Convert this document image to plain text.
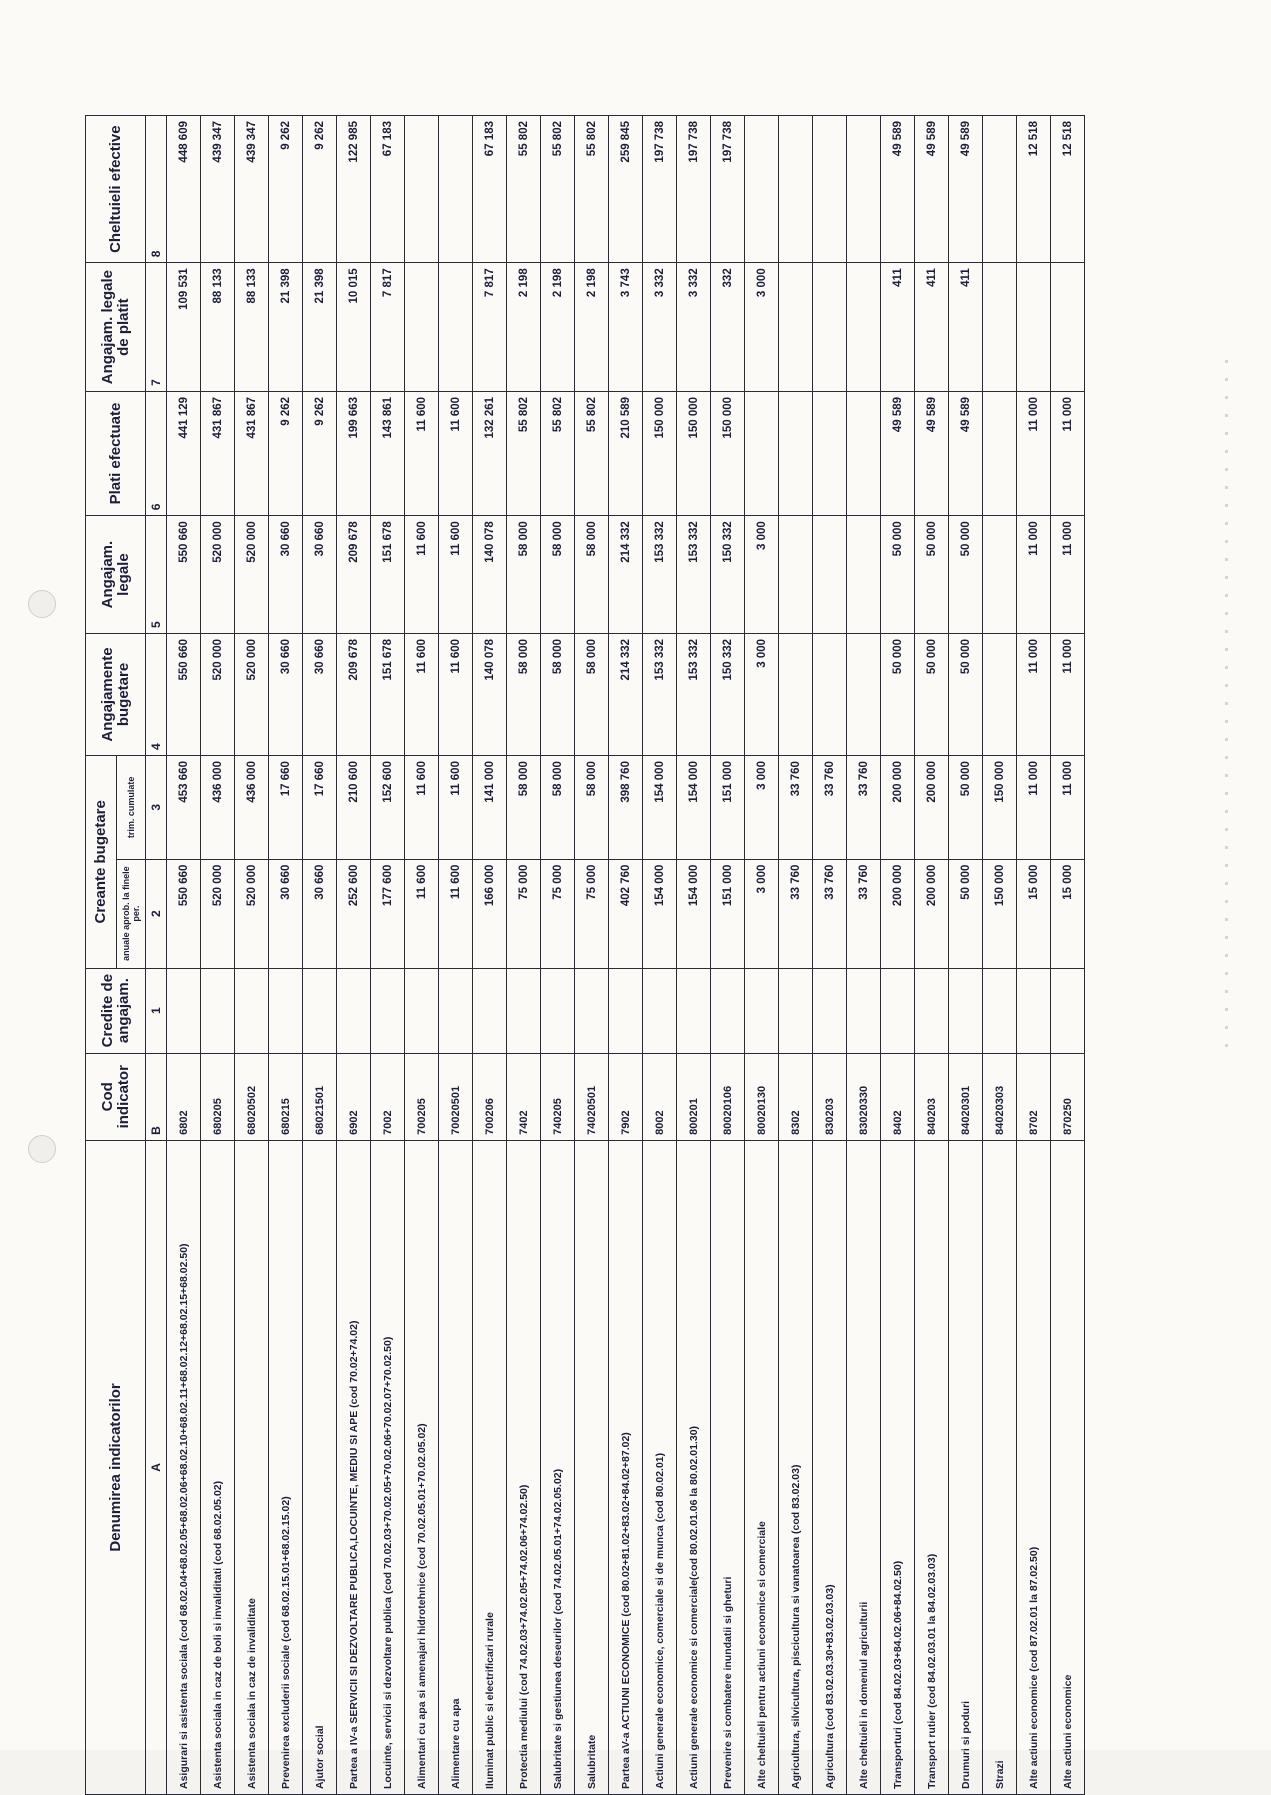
Denumirea indicatorilor	Cod indicator	Credite de angajam.	Creante bugetare		Angajamente bugetare	Angajam. legale	Plati efectuate	Angajam. legale de platit	Cheltuieli efective
			anuale aprob. la finele per.	trim. cumulate					
A	B	1	2	3	4	5	6	7	8
Asigurari si asistenta sociala (cod 68.02.04+68.02.05+68.02.06+68.02.10+68.02.11+68.02.12+68.02.15+68.02.50)	6802		550 660	453 660	550 660	550 660	441 129	109 531	448 609
Asistenta sociala in caz de boli si invaliditati (cod 68.02.05.02)	680205		520 000	436 000	520 000	520 000	431 867	88 133	439 347
Asistenta sociala in caz de invaliditate	68020502		520 000	436 000	520 000	520 000	431 867	88 133	439 347
Prevenirea excluderii sociale (cod 68.02.15.01+68.02.15.02)	680215		30 660	17 660	30 660	30 660	9 262	21 398	9 262
Ajutor social	68021501		30 660	17 660	30 660	30 660	9 262	21 398	9 262
Partea a IV-a SERVICII SI DEZVOLTARE PUBLICA,LOCUINTE, MEDIU SI APE (cod 70.02+74.02)	6902		252 600	210 600	209 678	209 678	199 663	10 015	122 985
Locuinte, servicii si dezvoltare publica (cod 70.02.03+70.02.05+70.02.06+70.02.07+70.02.50)	7002		177 600	152 600	151 678	151 678	143 861	7 817	67 183
Alimentari cu apa si amenajari hidrotehnice (cod 70.02.05.01+70.02.05.02)	700205		11 600	11 600	11 600	11 600	11 600		
Alimentare cu apa	70020501		11 600	11 600	11 600	11 600	11 600		
Iluminat public si electrificari rurale	700206		166 000	141 000	140 078	140 078	132 261	7 817	67 183
Protectia mediului (cod 74.02.03+74.02.05+74.02.06+74.02.50)	7402		75 000	58 000	58 000	58 000	55 802	2 198	55 802
Salubritate si gestiunea deseurilor (cod 74.02.05.01+74.02.05.02)	740205		75 000	58 000	58 000	58 000	55 802	2 198	55 802
Salubritate	74020501		75 000	58 000	58 000	58 000	55 802	2 198	55 802
Partea aV-a ACTIUNI ECONOMICE (cod 80.02+81.02+83.02+84.02+87.02)	7902		402 760	398 760	214 332	214 332	210 589	3 743	259 845
Actiuni generale economice, comerciale si de munca (cod 80.02.01)	8002		154 000	154 000	153 332	153 332	150 000	3 332	197 738
Actiuni generale economice si comerciale(cod 80.02.01.06 la 80.02.01.30)	800201		154 000	154 000	153 332	153 332	150 000	3 332	197 738
Prevenire si combatere inundatii si gheturi	80020106		151 000	151 000	150 332	150 332	150 000	332	197 738
Alte cheltuieli pentru actiuni economice si comerciale	80020130		3 000	3 000	3 000	3 000		3 000	
Agricultura, silvicultura, piscicultura si vanatoarea (cod 83.02.03)	8302		33 760	33 760					
Agricultura (cod 83.02.03.30+83.02.03.03)	830203		33 760	33 760					
Alte cheltuieli in domeniul agriculturii	83020330		33 760	33 760					
Transporturi (cod 84.02.03+84.02.06+84.02.50)	8402		200 000	200 000	50 000	50 000	49 589	411	49 589
Transport rutier (cod 84.02.03.01 la 84.02.03.03)	840203		200 000	200 000	50 000	50 000	49 589	411	49 589
Drumuri si poduri	84020301		50 000	50 000	50 000	50 000	49 589	411	49 589
Strazi	84020303		150 000	150 000					
Alte actiuni economice (cod 87.02.01 la 87.02.50)	8702		15 000	11 000	11 000	11 000	11 000		12 518
Alte actiuni economice	870250		15 000	11 000	11 000	11 000	11 000		12 518
